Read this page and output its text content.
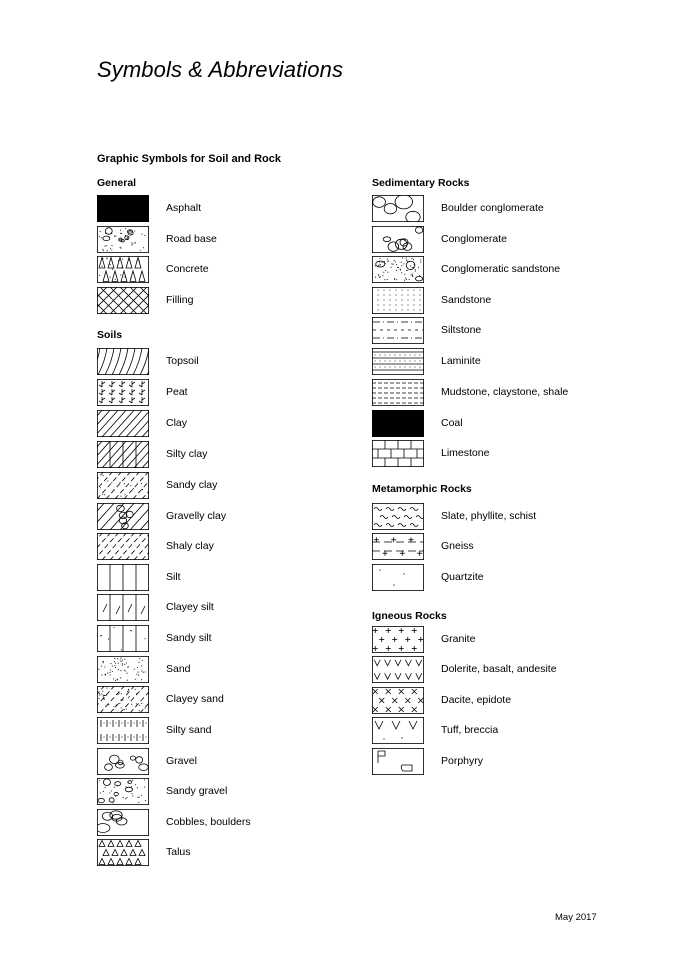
Symbols & Abbreviations
Graphic Symbols for Soil and Rock
General
Asphalt
Road base
Concrete
Filling
Soils
Topsoil
Peat
Clay
Silty clay
Sandy clay
Gravelly clay
Shaly clay
Silt
Clayey silt
Sandy silt
Sand
Clayey sand
Silty sand
Gravel
Sandy gravel
Cobbles, boulders
Talus
Sedimentary Rocks
Boulder conglomerate
Conglomerate
Conglomeratic sandstone
Sandstone
Siltstone
Laminite
Mudstone, claystone, shale
Coal
Limestone
Metamorphic Rocks
Slate, phyllite, schist
Gneiss
Quartzite
Igneous Rocks
Granite
Dolerite, basalt, andesite
Dacite, epidote
Tuff, breccia
Porphyry
May 2017
